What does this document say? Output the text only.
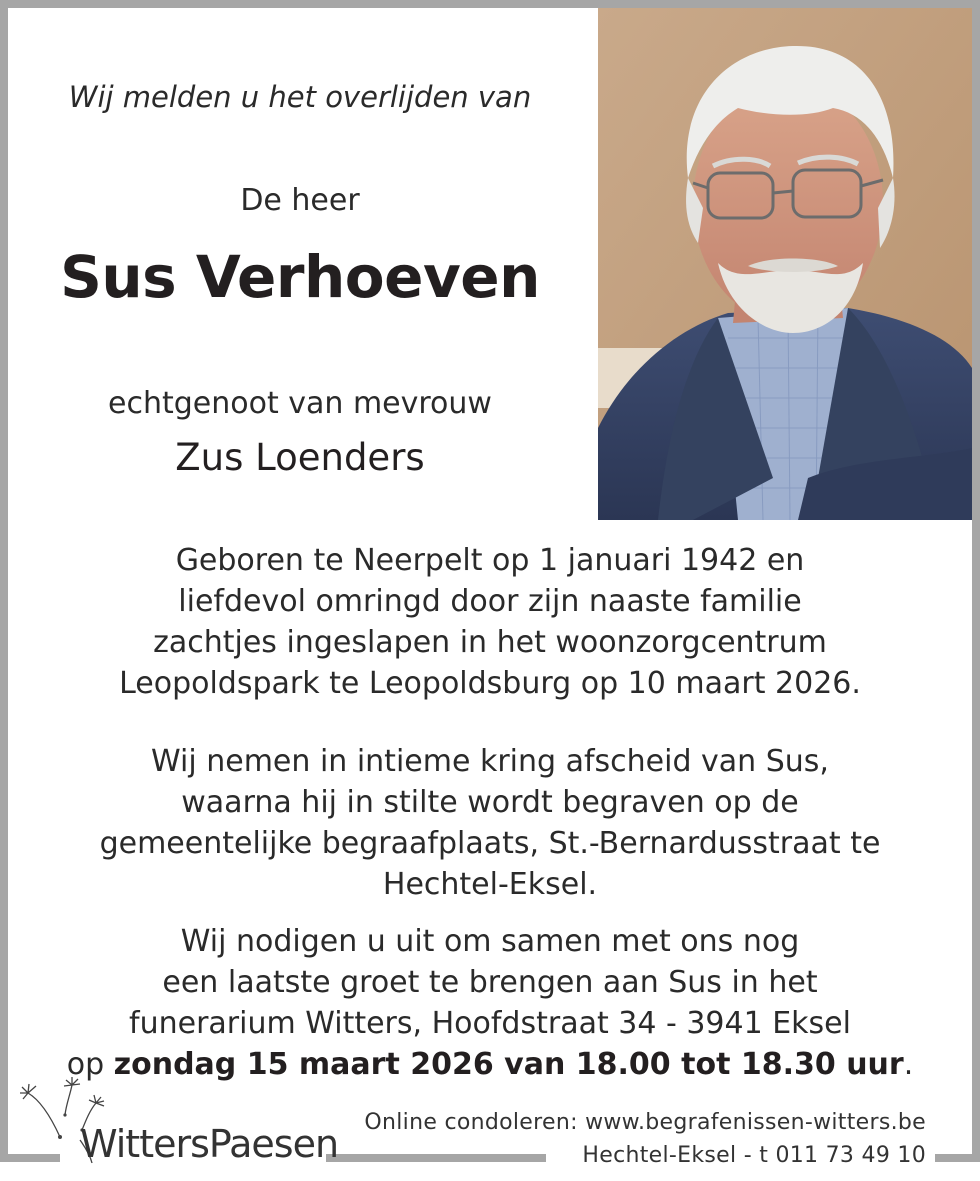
Wij melden u het overlijden van
De heer
Sus Verhoeven
echtgenoot van mevrouw
Zus Loenders
Geboren te Neerpelt op 1 januari 1942 en
liefdevol omringd door zijn naaste familie
zachtjes ingeslapen in het woonzorgcentrum
Leopoldspark te Leopoldsburg op 10 maart 2026.
Wij nemen in intieme kring afscheid van Sus,
waarna hij in stilte wordt begraven op de
gemeentelijke begraafplaats, St.-Bernardusstraat te
Hechtel-Eksel.
Wij nodigen u uit om samen met ons nog
een laatste groet te brengen aan Sus in het
funerarium Witters, Hoofdstraat 34 - 3941 Eksel
op zondag 15 maart 2026 van 18.00 tot 18.30 uur.
WittersPaesen Online condoleren: www.begrafenissen-witters.be
Hechtel-Eksel - t 011 73 49 10
